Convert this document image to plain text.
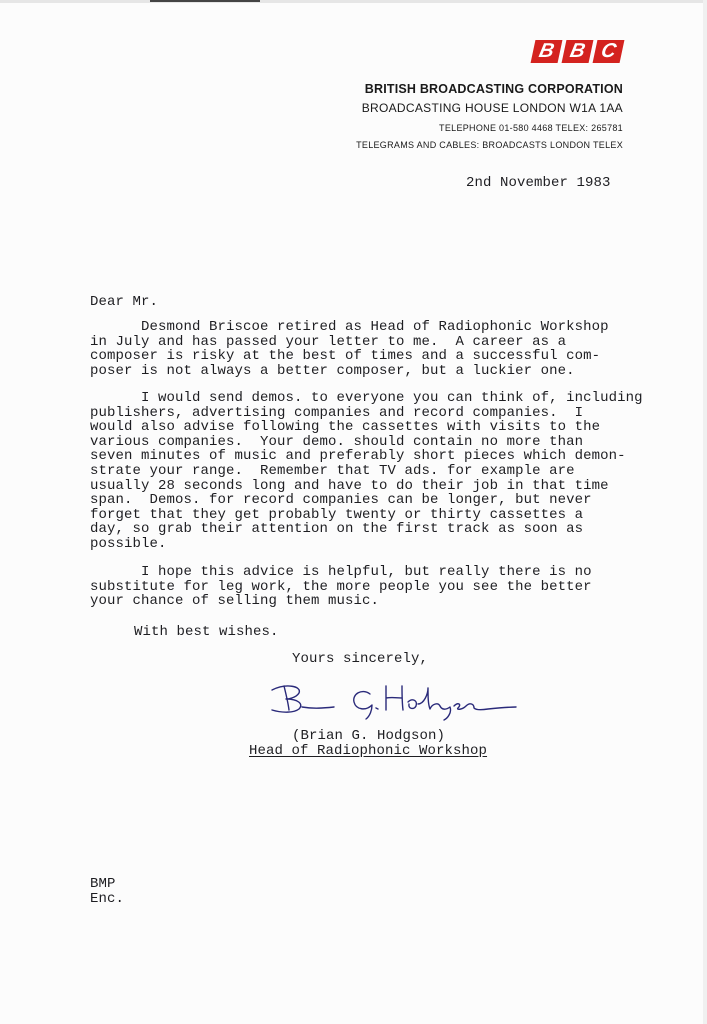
B B C
BRITISH BROADCASTING CORPORATION
BROADCASTING HOUSE LONDON W1A 1AA
TELEPHONE 01-580 4468 TELEX: 265781
TELEGRAMS AND CABLES: BROADCASTS LONDON TELEX
2nd November 1983
Dear Mr.
Desmond Briscoe retired as Head of Radiophonic Workshop
in July and has passed your letter to me.  A career as a
composer is risky at the best of times and a successful com-
poser is not always a better composer, but a luckier one.
I would send demos. to everyone you can think of, including
publishers, advertising companies and record companies.  I
would also advise following the cassettes with visits to the
various companies.  Your demo. should contain no more than
seven minutes of music and preferably short pieces which demon-
strate your range.  Remember that TV ads. for example are
usually 28 seconds long and have to do their job in that time
span.  Demos. for record companies can be longer, but never
forget that they get probably twenty or thirty cassettes a
day, so grab their attention on the first track as soon as
possible.
I hope this advice is helpful, but really there is no
substitute for leg work, the more people you see the better
your chance of selling them music.
With best wishes.
Yours sincerely,
(Brian G. Hodgson)
Head of Radiophonic Workshop
BMP
Enc.
